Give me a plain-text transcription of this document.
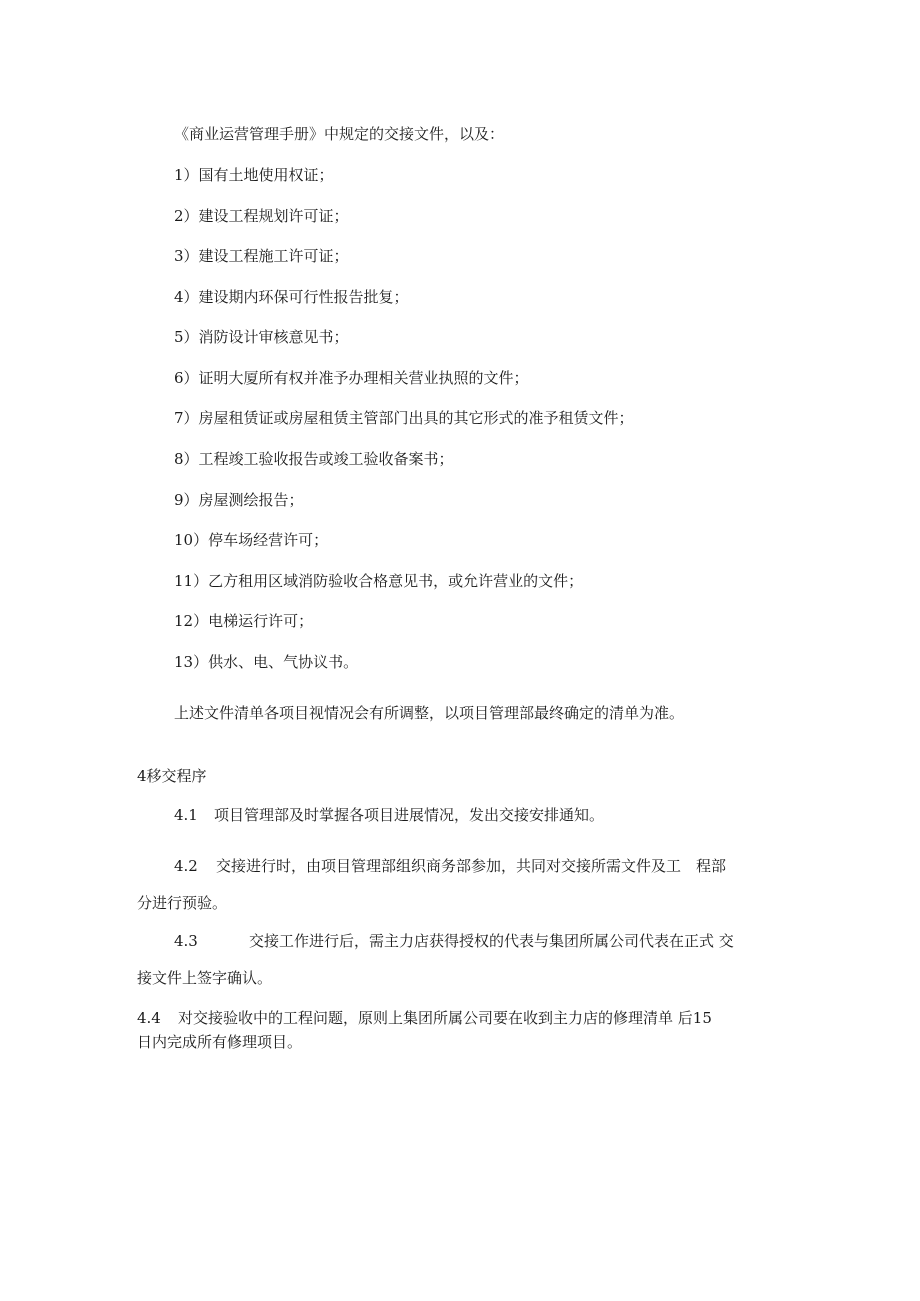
《商业运营管理手册》中规定的交接文件，以及：
1）国有土地使用权证；
2）建设工程规划许可证；
3）建设工程施工许可证；
4）建设期内环保可行性报告批复；
5）消防设计审核意见书；
6）证明大厦所有权并准予办理相关营业执照的文件；
7）房屋租赁证或房屋租赁主管部门出具的其它形式的准予租赁文件；
8）工程竣工验收报告或竣工验收备案书；
9）房屋测绘报告；
10）停车场经营许可；
11）乙方租用区域消防验收合格意见书，或允许营业的文件；
12）电梯运行许可；
13）供水、电、气协议书。
上述文件清单各项目视情况会有所调整，以项目管理部最终确定的清单为准。
4移交程序
4.1 项目管理部及时掌握各项目进展情况，发出交接安排通知。
4.2 交接进行时，由项目管理部组织商务部参加，共同对交接所需文件及工　程部
分进行预验。
4.3	交接工作进行后，需主力店获得授权的代表与集团所属公司代表在正式 交
接文件上签字确认。
4.4 对交接验收中的工程问题，原则上集团所属公司要在收到主力店的修理清单 后15
日内完成所有修理项目。
